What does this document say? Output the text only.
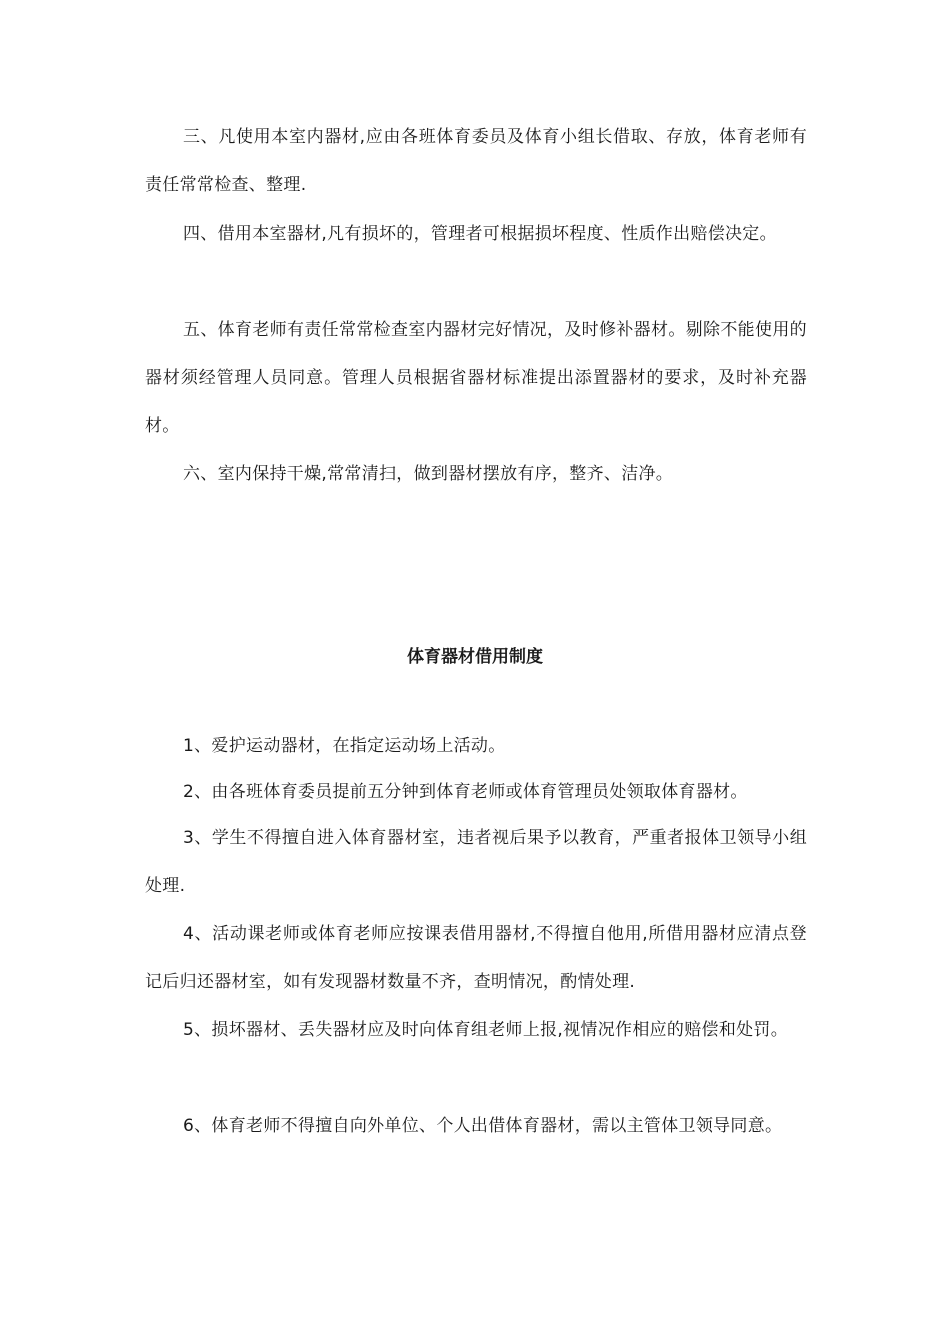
三、凡使用本室内器材,应由各班体育委员及体育小组长借取、存放，体育老师有责任常常检查、整理.

四、借用本室器材,凡有损坏的，管理者可根据损坏程度、性质作出赔偿决定。

五、体育老师有责任常常检查室内器材完好情况，及时修补器材。剔除不能使用的器材须经管理人员同意。管理人员根据省器材标准提出添置器材的要求，及时补充器材。

六、室内保持干燥,常常清扫，做到器材摆放有序，整齐、洁净。

体育器材借用制度

1、爱护运动器材，在指定运动场上活动。

2、由各班体育委员提前五分钟到体育老师或体育管理员处领取体育器材。

3、学生不得擅自进入体育器材室，违者视后果予以教育，严重者报体卫领导小组处理.

4、活动课老师或体育老师应按课表借用器材,不得擅自他用,所借用器材应清点登记后归还器材室，如有发现器材数量不齐，查明情况，酌情处理.

5、损坏器材、丢失器材应及时向体育组老师上报,视情况作相应的赔偿和处罚。

6、体育老师不得擅自向外单位、个人出借体育器材，需以主管体卫领导同意。
